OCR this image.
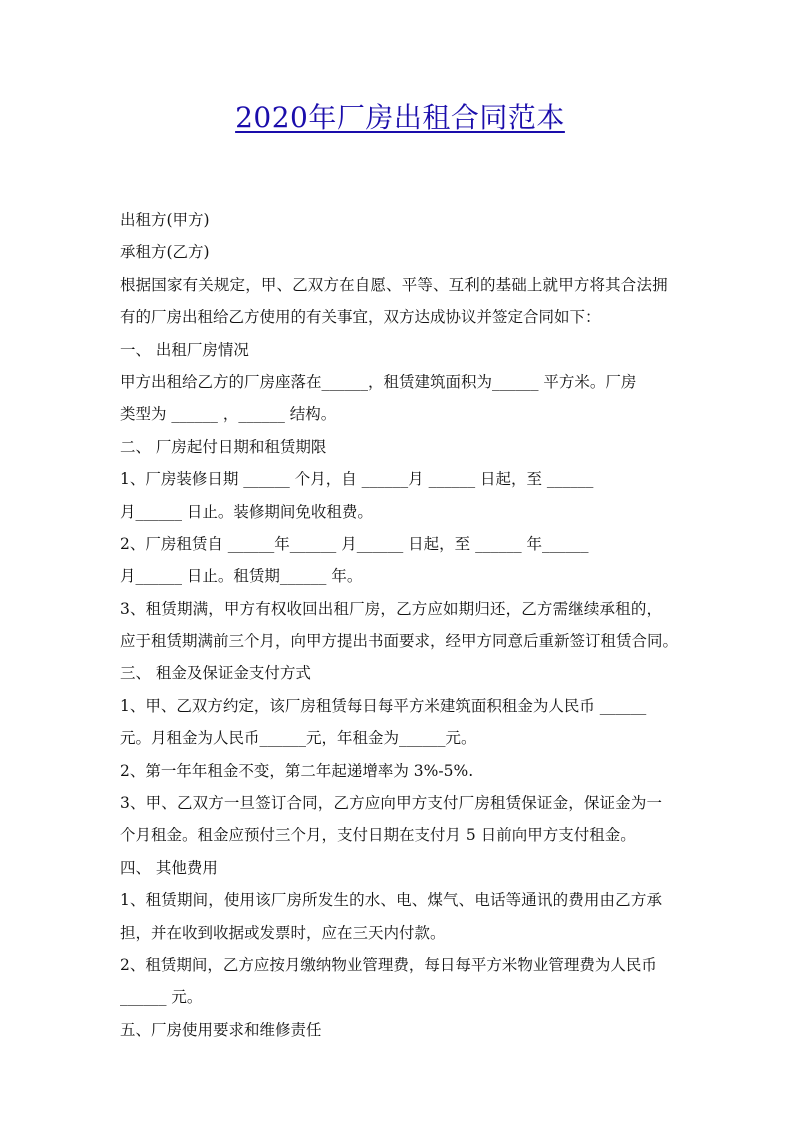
2020年厂房出租合同范本
出租方(甲方)
承租方(乙方)
根据国家有关规定，甲、乙双方在自愿、平等、互利的基础上就甲方将其合法拥
有的厂房出租给乙方使用的有关事宜，双方达成协议并签定合同如下：
一、 出租厂房情况
甲方出租给乙方的厂房座落在______，租赁建筑面积为______ 平方米。厂房
类型为 ______ ，______ 结构。
二、 厂房起付日期和租赁期限
1、厂房装修日期 ______ 个月，自 ______月 ______ 日起，至 ______
月______ 日止。装修期间免收租费。
2、厂房租赁自 ______年______ 月______ 日起，至 ______ 年______
月______ 日止。租赁期______ 年。
3、租赁期满，甲方有权收回出租厂房，乙方应如期归还，乙方需继续承租的，
应于租赁期满前三个月，向甲方提出书面要求，经甲方同意后重新签订租赁合同。
三、 租金及保证金支付方式
1、甲、乙双方约定，该厂房租赁每日每平方米建筑面积租金为人民币 ______
元。月租金为人民币______元，年租金为______元。
2、第一年年租金不变，第二年起递增率为 3%-5%.
3、甲、乙双方一旦签订合同，乙方应向甲方支付厂房租赁保证金，保证金为一
个月租金。租金应预付三个月，支付日期在支付月 5 日前向甲方支付租金。
四、 其他费用
1、租赁期间，使用该厂房所发生的水、电、煤气、电话等通讯的费用由乙方承
担，并在收到收据或发票时，应在三天内付款。
2、租赁期间，乙方应按月缴纳物业管理费，每日每平方米物业管理费为人民币
______ 元。
五、厂房使用要求和维修责任
